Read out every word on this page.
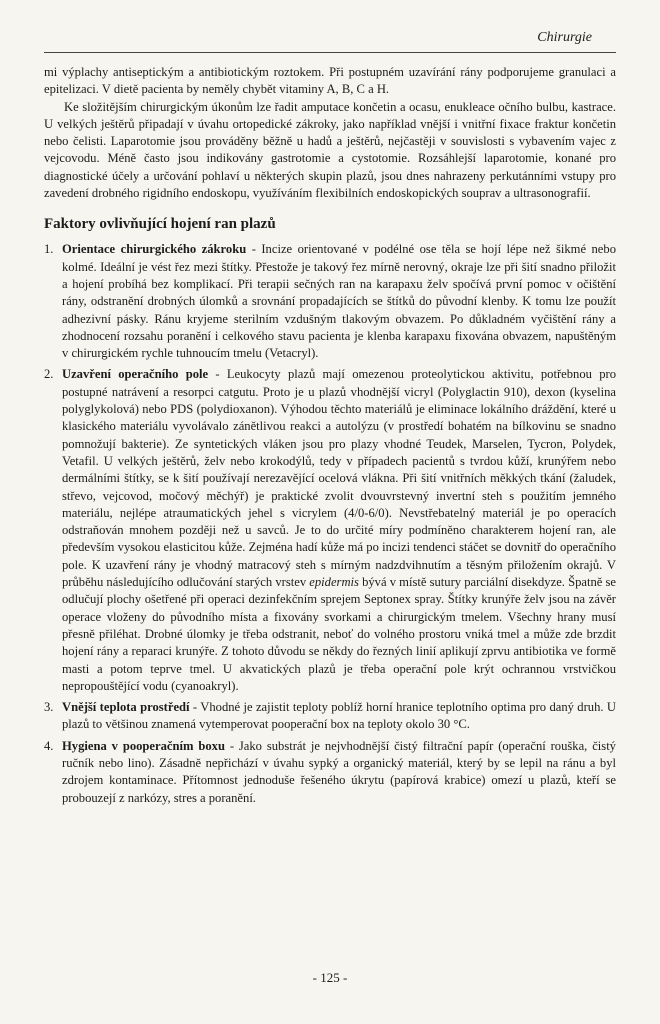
Chirurgie

mi výplachy antiseptickým a antibiotickým roztokem. Při postupném uzavírání rány podporujeme granulaci a epitelizaci. V dietě pacienta by neměly chybět vitaminy A, B, C a H.

Ke složitějším chirurgickým úkonům lze řadit amputace končetin a ocasu, enukleace očního bulbu, kastrace. U velkých ještěrů připadají v úvahu ortopedické zákroky, jako například vnější i vnitřní fixace fraktur končetin nebo čelisti. Laparotomie jsou prováděny běžně u hadů a ještěrů, nejčastěji v souvislosti s vybavením vajec z vejcovodu. Méně často jsou indikovány gastrotomie a cystotomie. Rozsáhlejší laparotomie, konané pro diagnostické účely a určování pohlaví u některých skupin plazů, jsou dnes nahrazeny perkutánními vstupy pro zavedení drobného rigidního endoskopu, využíváním flexibilních endoskopických souprav a ultrasonografií.

Faktory ovlivňující hojení ran plazů
1. Orientace chirurgického zákroku - Incize orientované v podélné ose těla se hojí lépe než šikmé nebo kolmé. Ideální je vést řez mezi štítky. Přestože je takový řez mírně nerovný, okraje lze při šití snadno přiložit a hojení probíhá bez komplikací. Při terapii sečných ran na karapaxu želv spočívá první pomoc v očištění rány, odstranění drobných úlomků a srovnání propadajících se štítků do původní klenby. K tomu lze použít adhezivní pásky. Ránu kryjeme sterilním vzdušným tlakovým obvazem. Po důkladném vyčištění rány a zhodnocení rozsahu poranění i celkového stavu pacienta je klenba karapaxu fixována obvazem, napuštěným v chirurgickém rychle tuhnoucím tmelu (Vetacryl).
2. Uzavření operačního pole - Leukocyty plazů mají omezenou proteolytickou aktivitu, potřebnou pro postupné natrávení a resorpci catgutu. Proto je u plazů vhodnější vicryl (Polyglactin 910), dexon (kyselina polyglykolová) nebo PDS (polydioxanon). Výhodou těchto materiálů je eliminace lokálního dráždění, které u klasického materiálu vyvolávalo zánětlivou reakci a autolýzu (v prostředí bohatém na bílkovinu se snadno pomnožují bakterie). Ze syntetických vláken jsou pro plazy vhodné Teudek, Marselen, Tycron, Polydek, Vetafil. U velkých ještěrů, želv nebo krokodýlů, tedy v případech pacientů s tvrdou kůží, krunýřem nebo dermálními štítky, se k šití používají nerezavějící ocelová vlákna. Při šití vnitřních měkkých tkání (žaludek, střevo, vejcovod, močový měchýř) je praktické zvolit dvouvrstevný invertní steh s použitím jemného materiálu, nejlépe atraumatických jehel s vicrylem (4/0-6/0). Nevstřebatelný materiál je po operacích odstraňován mnohem později než u savců. Je to do určité míry podmíněno charakterem hojení ran, ale především vysokou elasticitou kůže. Zejména hadí kůže má po incizi tendenci stáčet se dovnitř do operačního pole. K uzavření rány je vhodný matracový steh s mírným nadzdvihnutím a těsným přiložením okrajů. V průběhu následujícího odlučování starých vrstev epidermis bývá v místě sutury parciální disekdyze. Špatně se odlučují plochy ošetřené při operaci dezinfekčním sprejem Septonex spray. Štítky krunýře želv jsou na závěr operace vloženy do původního místa a fixovány svorkami a chirurgickým tmelem. Všechny hrany musí přesně přiléhat. Drobné úlomky je třeba odstranit, neboť do volného prostoru vniká tmel a může zde brzdit hojení rány a reparaci krunýře. Z tohoto důvodu se někdy do řezných linií aplikují zprvu antibiotika ve formě masti a potom teprve tmel. U akvatických plazů je třeba operační pole krýt ochrannou vrstvičkou nepropouštějící vodu (cyanoakryl).
3. Vnější teplota prostředí - Vhodné je zajistit teploty poblíž horní hranice teplotního optima pro daný druh. U plazů to většinou znamená vytemperovat pooperační box na teploty okolo 30 °C.
4. Hygiena v pooperačním boxu - Jako substrát je nejvhodnější čistý filtrační papír (operační rouška, čistý ručník nebo lino). Zásadně nepřichází v úvahu sypký a organický materiál, který by se lepil na ránu a byl zdrojem kontaminace. Přítomnost jednoduše řešeného úkrytu (papírová krabice) omezí u plazů, kteří se probouzejí z narkózy, stres a poranění.
- 125 -
